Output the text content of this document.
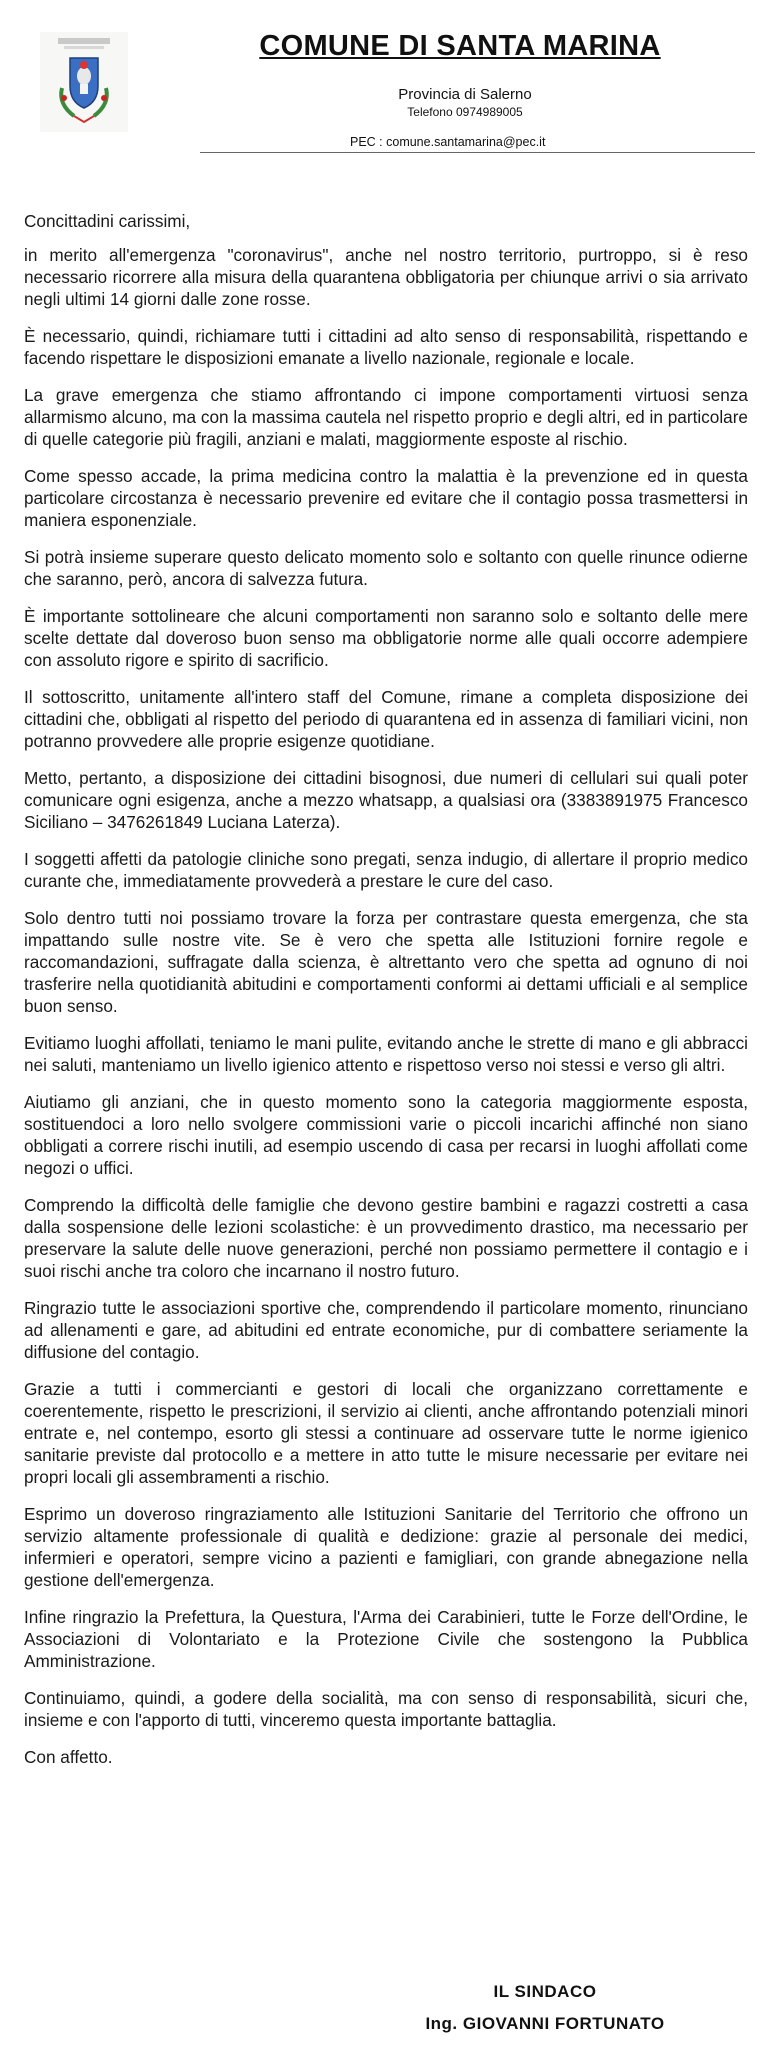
COMUNE DI SANTA MARINA
Provincia di Salerno
Telefono 0974989005
PEC : comune.santamarina@pec.it

Concittadini carissimi,

in merito all'emergenza "coronavirus", anche nel nostro territorio, purtroppo, si è reso necessario ricorrere alla misura della quarantena obbligatoria per chiunque arrivi o sia arrivato negli ultimi 14 giorni dalle zone rosse.

È necessario, quindi, richiamare tutti i cittadini ad alto senso di responsabilità, rispettando e facendo rispettare le disposizioni emanate a livello nazionale, regionale e locale.

La grave emergenza che stiamo affrontando ci impone comportamenti virtuosi senza allarmismo alcuno, ma con la massima cautela nel rispetto proprio e degli altri, ed in particolare di quelle categorie più fragili, anziani e malati, maggiormente esposte al rischio.

Come spesso accade, la prima medicina contro la malattia è la prevenzione ed in questa particolare circostanza è necessario prevenire ed evitare che il contagio possa trasmettersi in maniera esponenziale.

Si potrà insieme superare questo delicato momento solo e soltanto con quelle rinunce odierne che saranno, però, ancora di salvezza futura.

È importante sottolineare che alcuni comportamenti non saranno solo e soltanto delle mere scelte dettate dal doveroso buon senso ma obbligatorie norme alle quali occorre adempiere con assoluto rigore e spirito di sacrificio.

Il sottoscritto, unitamente all'intero staff del Comune, rimane a completa disposizione dei cittadini che, obbligati al rispetto del periodo di quarantena ed in assenza di familiari vicini, non potranno provvedere alle proprie esigenze quotidiane.

Metto, pertanto, a disposizione dei cittadini bisognosi, due numeri di cellulari sui quali poter comunicare ogni esigenza, anche a mezzo whatsapp, a qualsiasi ora (3383891975 Francesco Siciliano – 3476261849 Luciana Laterza).

I soggetti affetti da patologie cliniche sono pregati, senza indugio, di allertare il proprio medico curante che, immediatamente provvederà a prestare le cure del caso.

Solo dentro tutti noi possiamo trovare la forza per contrastare questa emergenza, che sta impattando sulle nostre vite. Se è vero che spetta alle Istituzioni fornire regole e raccomandazioni, suffragate dalla scienza, è altrettanto vero che spetta ad ognuno di noi trasferire nella quotidianità abitudini e comportamenti conformi ai dettami ufficiali e al semplice buon senso.

Evitiamo luoghi affollati, teniamo le mani pulite, evitando anche le strette di mano e gli abbracci nei saluti, manteniamo un livello igienico attento e rispettoso verso noi stessi e verso gli altri.

Aiutiamo gli anziani, che in questo momento sono la categoria maggiormente esposta, sostituendoci a loro nello svolgere commissioni varie o piccoli incarichi affinché non siano obbligati a correre rischi inutili, ad esempio uscendo di casa per recarsi in luoghi affollati come negozi o uffici.

Comprendo la difficoltà delle famiglie che devono gestire bambini e ragazzi costretti a casa dalla sospensione delle lezioni scolastiche: è un provvedimento drastico, ma necessario per preservare la salute delle nuove generazioni, perché non possiamo permettere il contagio e i suoi rischi anche tra coloro che incarnano il nostro futuro.

Ringrazio tutte le associazioni sportive che, comprendendo il particolare momento, rinunciano ad allenamenti e gare, ad abitudini ed entrate economiche, pur di combattere seriamente la diffusione del contagio.

Grazie a tutti i commercianti e gestori di locali che organizzano correttamente e coerentemente, rispetto le prescrizioni, il servizio ai clienti, anche affrontando potenziali minori entrate e, nel contempo, esorto gli stessi a continuare ad osservare tutte le norme igienico sanitarie previste dal protocollo e a mettere in atto tutte le misure necessarie per evitare nei propri locali gli assembramenti a rischio.

Esprimo un doveroso ringraziamento alle Istituzioni Sanitarie del Territorio che offrono un servizio altamente professionale di qualità e dedizione: grazie al personale dei medici, infermieri e operatori, sempre vicino a pazienti e famigliari, con grande abnegazione nella gestione dell'emergenza.

Infine ringrazio la Prefettura, la Questura, l'Arma dei Carabinieri, tutte le Forze dell'Ordine, le Associazioni di Volontariato e la Protezione Civile che sostengono la Pubblica Amministrazione.

Continuiamo, quindi, a godere della socialità, ma con senso di responsabilità, sicuri che, insieme e con l'apporto di tutti, vinceremo questa importante battaglia.

Con affetto.

IL SINDACO
Ing. GIOVANNI FORTUNATO
